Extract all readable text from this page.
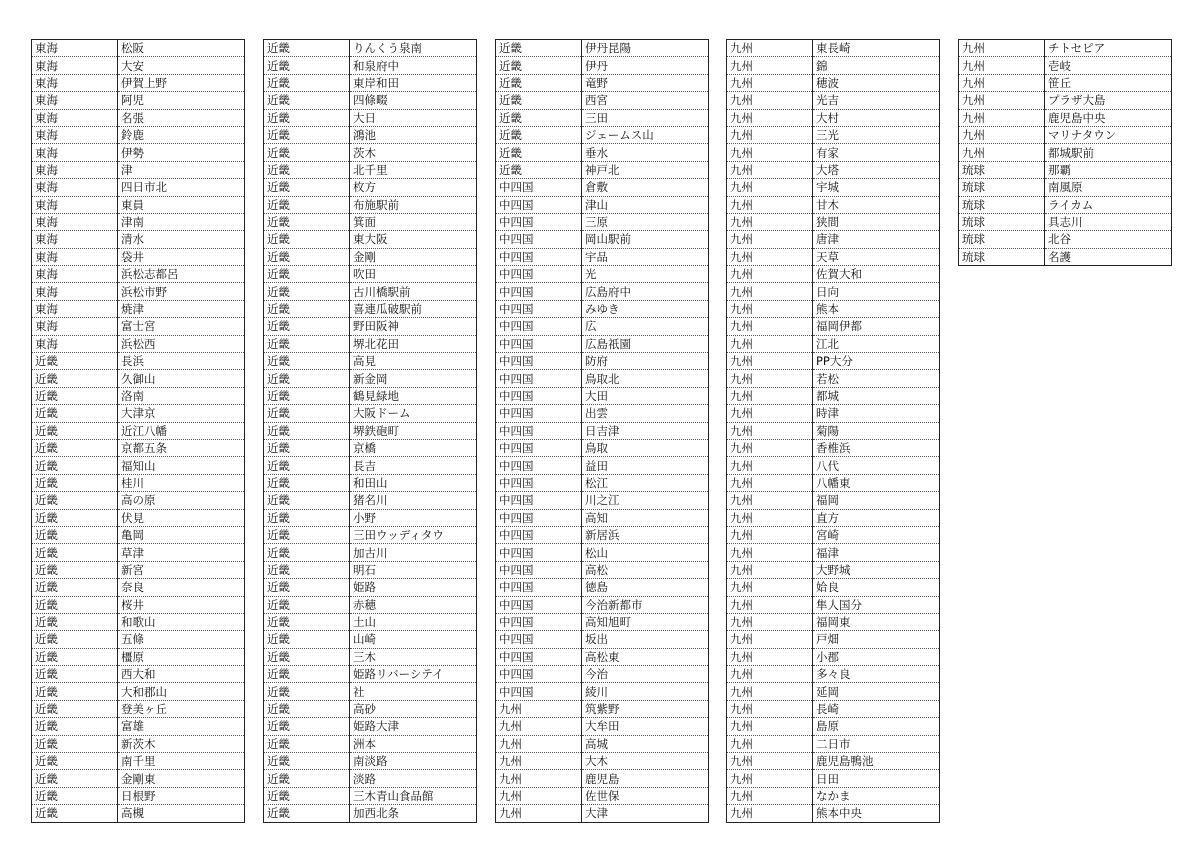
東海	松阪
東海	大安
東海	伊賀上野
東海	阿児
東海	名張
東海	鈴鹿
東海	伊勢
東海	津
東海	四日市北
東海	東員
東海	津南
東海	清水
東海	袋井
東海	浜松志都呂
東海	浜松市野
東海	焼津
東海	富士宮
東海	浜松西
近畿	長浜
近畿	久御山
近畿	洛南
近畿	大津京
近畿	近江八幡
近畿	京都五条
近畿	福知山
近畿	桂川
近畿	高の原
近畿	伏見
近畿	亀岡
近畿	草津
近畿	新宮
近畿	奈良
近畿	桜井
近畿	和歌山
近畿	五條
近畿	橿原
近畿	西大和
近畿	大和郡山
近畿	登美ヶ丘
近畿	富雄
近畿	新茨木
近畿	南千里
近畿	金剛東
近畿	日根野
近畿	高槻
近畿	りんくう泉南
近畿	和泉府中
近畿	東岸和田
近畿	四條畷
近畿	大日
近畿	鴻池
近畿	茨木
近畿	北千里
近畿	枚方
近畿	布施駅前
近畿	箕面
近畿	東大阪
近畿	金剛
近畿	吹田
近畿	古川橋駅前
近畿	喜連瓜破駅前
近畿	野田阪神
近畿	堺北花田
近畿	高見
近畿	新金岡
近畿	鶴見緑地
近畿	大阪ドーム
近畿	堺鉄砲町
近畿	京橋
近畿	長吉
近畿	和田山
近畿	猪名川
近畿	小野
近畿	三田ウッディタウ
近畿	加古川
近畿	明石
近畿	姫路
近畿	赤穂
近畿	土山
近畿	山崎
近畿	三木
近畿	姫路リバーシテイ
近畿	社
近畿	高砂
近畿	姫路大津
近畿	洲本
近畿	南淡路
近畿	淡路
近畿	三木青山食品館
近畿	加西北条
近畿	伊丹昆陽
近畿	伊丹
近畿	竜野
近畿	西宮
近畿	三田
近畿	ジェームス山
近畿	垂水
近畿	神戸北
中四国	倉敷
中四国	津山
中四国	三原
中四国	岡山駅前
中四国	宇品
中四国	光
中四国	広島府中
中四国	みゆき
中四国	広
中四国	広島祇園
中四国	防府
中四国	鳥取北
中四国	大田
中四国	出雲
中四国	日吉津
中四国	鳥取
中四国	益田
中四国	松江
中四国	川之江
中四国	高知
中四国	新居浜
中四国	松山
中四国	高松
中四国	徳島
中四国	今治新都市
中四国	高知旭町
中四国	坂出
中四国	高松東
中四国	今治
中四国	綾川
九州	筑紫野
九州	大牟田
九州	高城
九州	大木
九州	鹿児島
九州	佐世保
九州	大津
九州	東長崎
九州	錦
九州	穂波
九州	光吉
九州	大村
九州	三光
九州	有家
九州	大塔
九州	宇城
九州	甘木
九州	狭間
九州	唐津
九州	天草
九州	佐賀大和
九州	日向
九州	熊本
九州	福岡伊都
九州	江北
九州	PP大分
九州	若松
九州	都城
九州	時津
九州	菊陽
九州	香椎浜
九州	八代
九州	八幡東
九州	福岡
九州	直方
九州	宮崎
九州	福津
九州	大野城
九州	姶良
九州	隼人国分
九州	福岡東
九州	戸畑
九州	小郡
九州	多々良
九州	延岡
九州	長崎
九州	島原
九州	二日市
九州	鹿児島鴨池
九州	日田
九州	なかま
九州	熊本中央
九州	チトセピア
九州	壱岐
九州	笹丘
九州	プラザ大島
九州	鹿児島中央
九州	マリナタウン
九州	都城駅前
琉球	那覇
琉球	南風原
琉球	ライカム
琉球	具志川
琉球	北谷
琉球	名護
